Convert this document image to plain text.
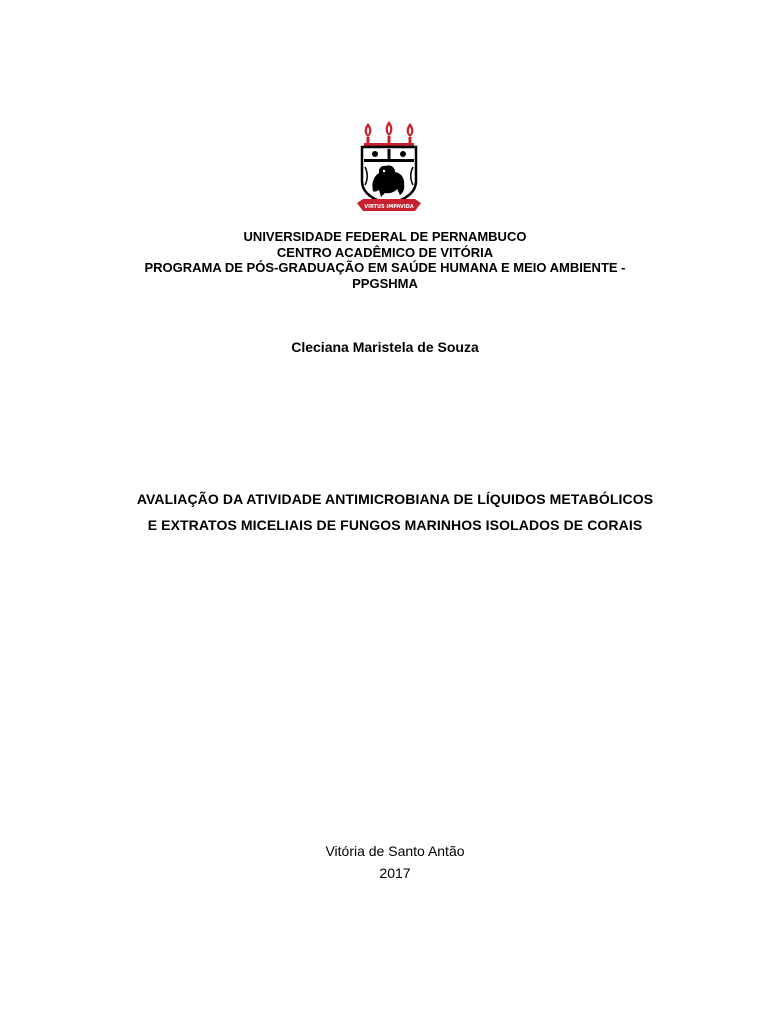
VIRTUS IMPAVIDA
UNIVERSIDADE FEDERAL DE PERNAMBUCO
CENTRO ACADÊMICO DE VITÓRIA
PROGRAMA DE PÓS-GRADUAÇÃO EM SAÚDE HUMANA E MEIO AMBIENTE -
PPGSHMA
Cleciana Maristela de Souza
AVALIAÇÃO DA ATIVIDADE ANTIMICROBIANA DE LÍQUIDOS METABÓLICOS
E EXTRATOS MICELIAIS DE FUNGOS MARINHOS ISOLADOS DE CORAIS
Vitória de Santo Antão
2017
